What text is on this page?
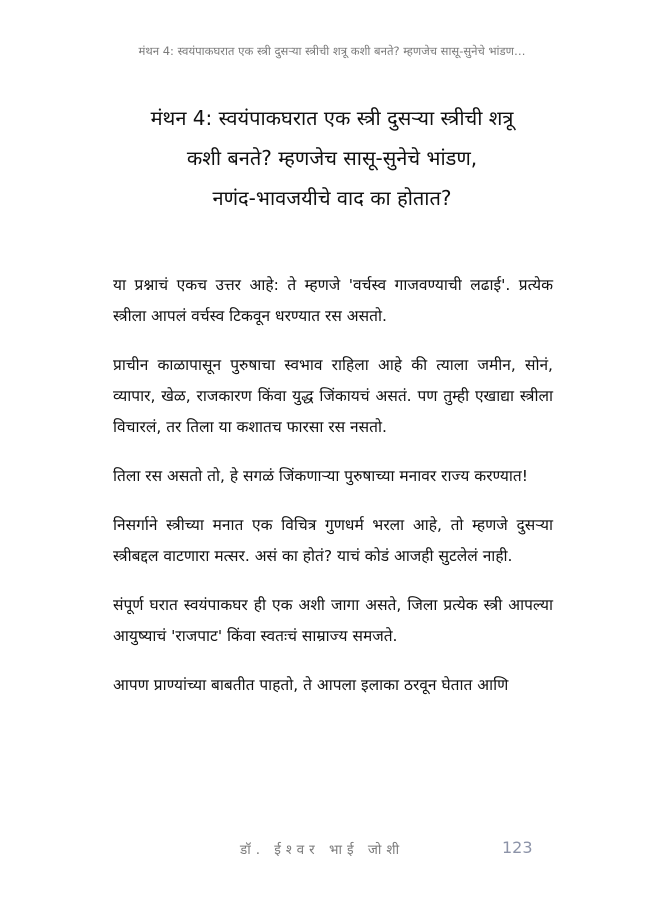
मंथन 4: स्वयंपाकघरात एक स्त्री दुसऱ्या स्त्रीची शत्रू कशी बनते? म्हणजेच सासू-सुनेचे भांडण…
मंथन 4: स्वयंपाकघरात एक स्त्री दुसऱ्या स्त्रीची शत्रू
कशी बनते? म्हणजेच सासू-सुनेचे भांडण,
नणंद-भावजयीचे वाद का होतात?

या प्रश्नाचं एकच उत्तर आहे: ते म्हणजे 'वर्चस्व गाजवण्याची लढाई'. प्रत्येक स्त्रीला आपलं वर्चस्व टिकवून धरण्यात रस असतो.

प्राचीन काळापासून पुरुषाचा स्वभाव राहिला आहे की त्याला जमीन, सोनं, व्यापार, खेळ, राजकारण किंवा युद्ध जिंकायचं असतं. पण तुम्ही एखाद्या स्त्रीला विचारलं, तर तिला या कशातच फारसा रस नसतो.

तिला रस असतो तो, हे सगळं जिंकणाऱ्या पुरुषाच्या मनावर राज्य करण्यात!

निसर्गाने स्त्रीच्या मनात एक विचित्र गुणधर्म भरला आहे, तो म्हणजे दुसऱ्या स्त्रीबद्दल वाटणारा मत्सर. असं का होतं? याचं कोडं आजही सुटलेलं नाही.

संपूर्ण घरात स्वयंपाकघर ही एक अशी जागा असते, जिला प्रत्येक स्त्री आपल्या आयुष्याचं 'राजपाट' किंवा स्वतःचं साम्राज्य समजते.

आपण प्राण्यांच्या बाबतीत पाहतो, ते आपला इलाका ठरवून घेतात आणि

डॉ. ईश्वर भाई जोशी	123
